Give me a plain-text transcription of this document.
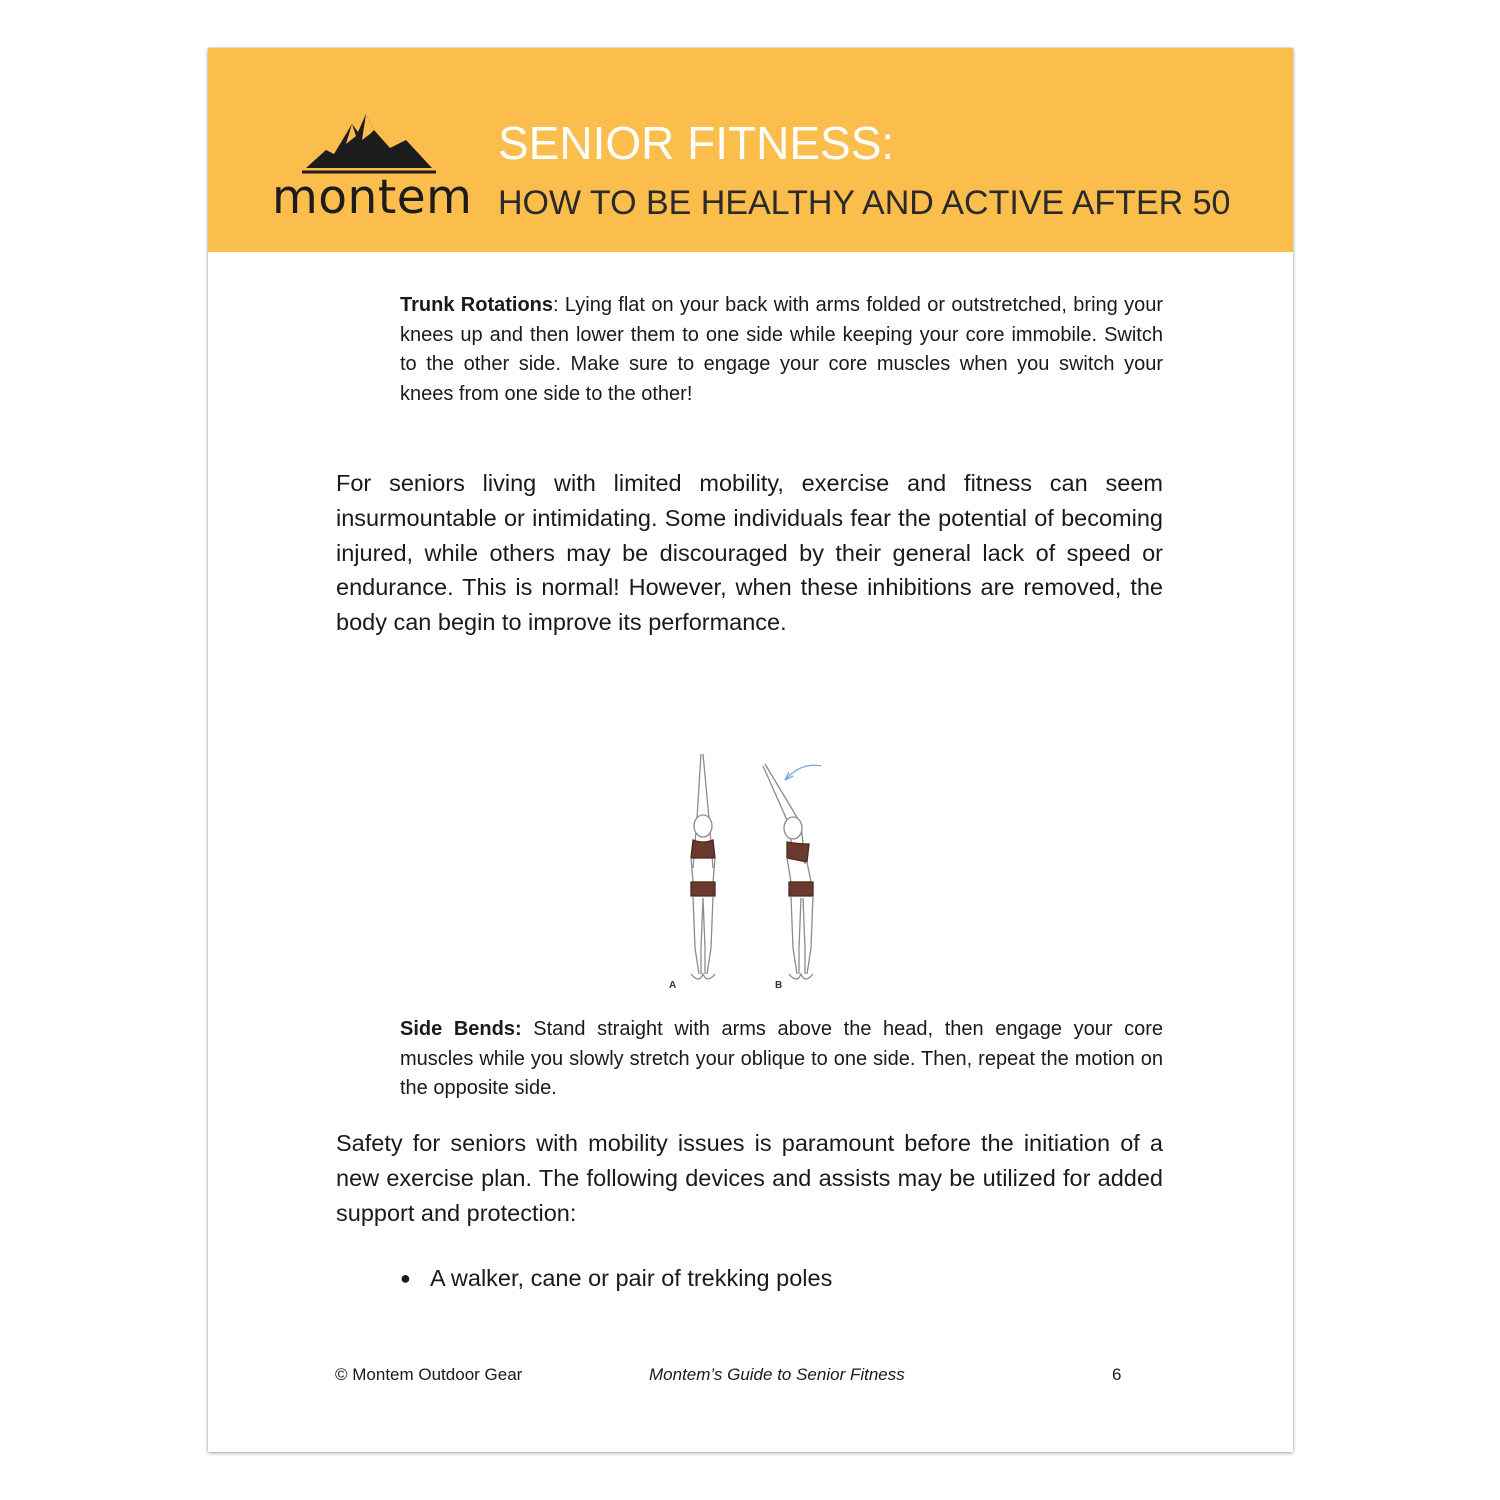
montem
SENIOR FITNESS:
HOW TO BE HEALTHY AND ACTIVE AFTER 50
Trunk Rotations: Lying flat on your back with arms folded or outstretched, bring your knees up and then lower them to one side while keeping your core immobile. Switch to the other side. Make sure to engage your core muscles when you switch your knees from one side to the other!
For seniors living with limited mobility, exercise and fitness can seem insurmountable or intimidating. Some individuals fear the potential of becoming injured, while others may be discouraged by their general lack of speed or endurance. This is normal! However, when these inhibitions are removed, the body can begin to improve its performance.
A	B
Side Bends: Stand straight with arms above the head, then engage your core muscles while you slowly stretch your oblique to one side. Then, repeat the motion on the opposite side.
Safety for seniors with mobility issues is paramount before the initiation of a new exercise plan. The following devices and assists may be utilized for added support and protection:
● A walker, cane or pair of trekking poles
© Montem Outdoor Gear	Montem’s Guide to Senior Fitness	6
